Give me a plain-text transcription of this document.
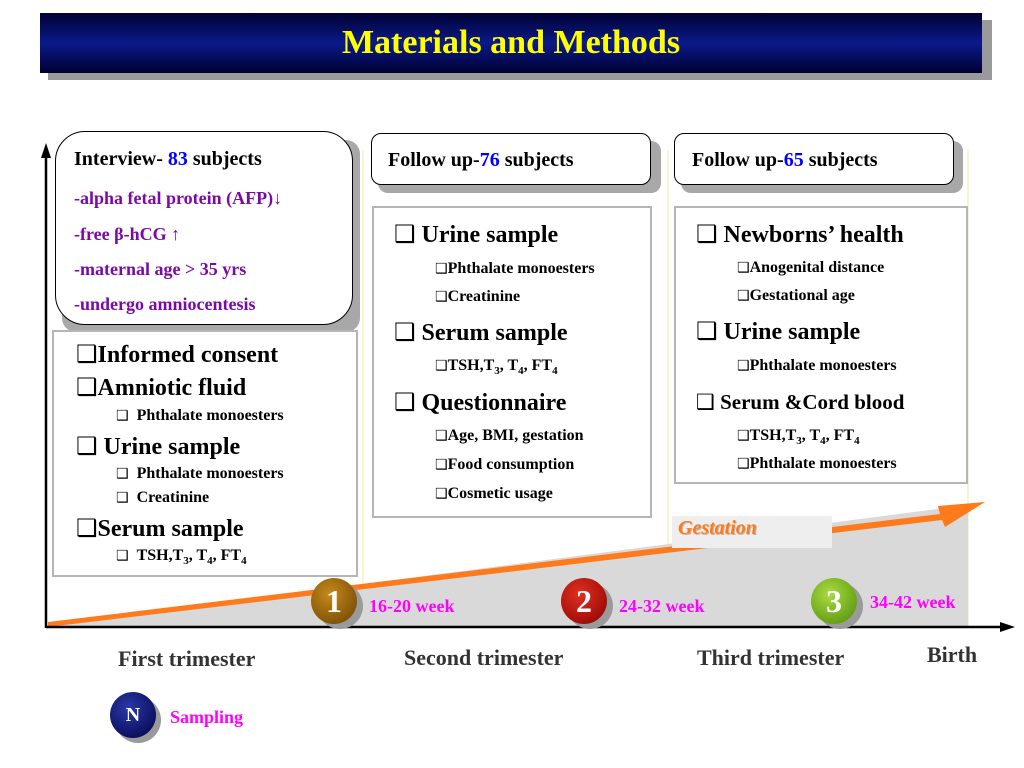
Materials and Methods
Gestation
Interview- 83 subjects
-alpha fetal protein (AFP)↓
-free β-hCG ↑
-maternal age > 35 yrs
-undergo amniocentesis
Follow up-76 subjects	Follow up-65 subjects
❑Informed consent
❑Amniotic fluid
❑ Phthalate monoesters
❑ Urine sample
❑ Phthalate monoesters
❑ Creatinine
❑Serum sample
❑ $TSH,T_3$, $T_4$, $FT_4$
❑ Urine sample
❑Phthalate monoesters
❑Creatinine
❑ Serum sample
$❑TSH,T_3$, $T_4$, $FT_4$
❑ Questionnaire
❑Age, BMI, gestation
❑Food consumption
❑Cosmetic usage
❑ Newborns’ health
❑Anogenital distance
❑Gestational age
❑ Urine sample
❑Phthalate monoesters
❑ Serum &Cord blood
$❑TSH,T_3$, $T_4$, $FT_4$
❑Phthalate monoesters
1 16-20 week	2 24-32 week	3 34-42 week
First trimester	Second trimester	Third trimester	Birth
N Sampling
